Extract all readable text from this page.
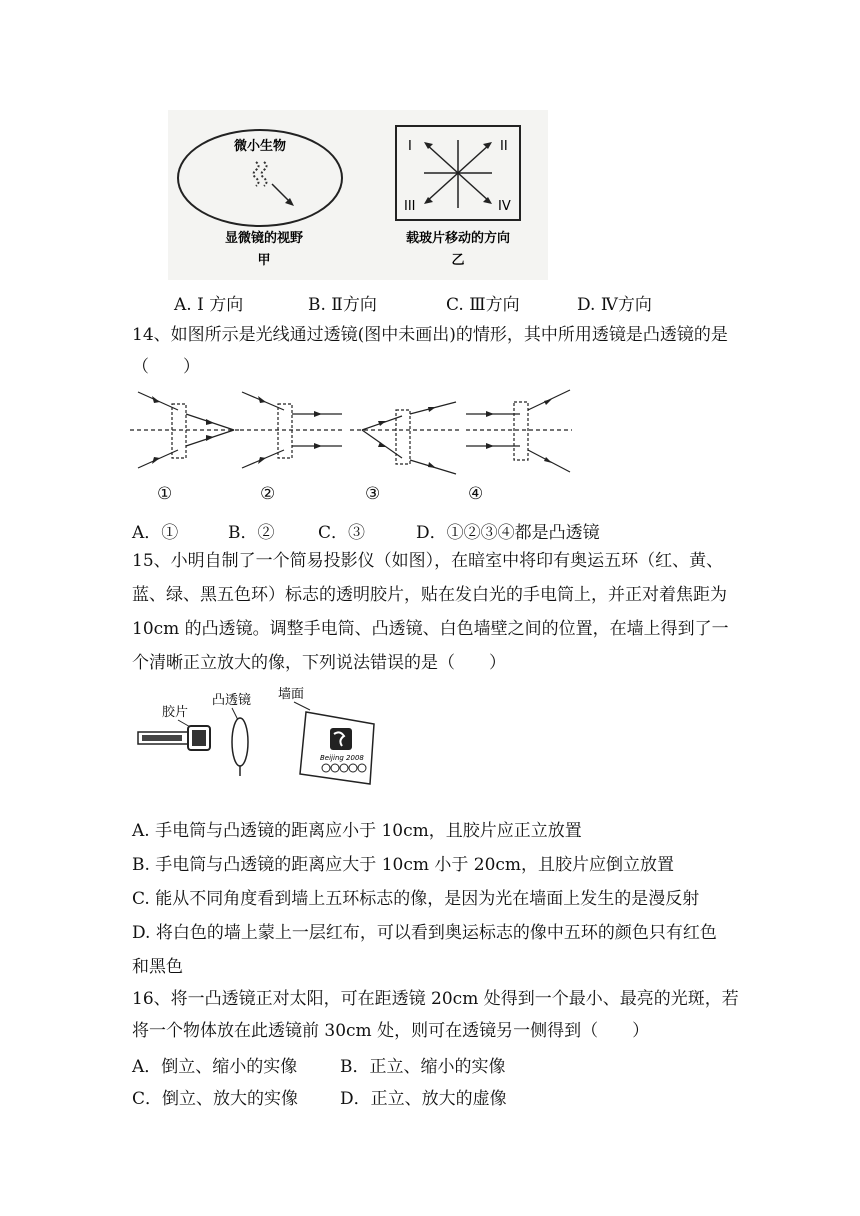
微小生物
显微镜的视野
甲
I	II
III	IV
载玻片移动的方向
乙
A. I 方向	B. Ⅱ方向	C. Ⅲ方向	D. Ⅳ方向
14、如图所示是光线通过透镜(图中未画出)的情形，其中所用透镜是凸透镜的是
（　　）
①	②	③	④
A．①	B．②	C．③	D．①②③④都是凸透镜
15、小明自制了一个简易投影仪（如图），在暗室中将印有奥运五环（红、黄、
蓝、绿、黑五色环）标志的透明胶片，贴在发白光的手电筒上，并正对着焦距为
10cm 的凸透镜。调整手电筒、凸透镜、白色墙壁之间的位置，在墙上得到了一
个清晰正立放大的像，下列说法错误的是（　　）
胶片
凸透镜 墙面
Beijing 2008
A. 手电筒与凸透镜的距离应小于 10cm，且胶片应正立放置
B. 手电筒与凸透镜的距离应大于 10cm 小于 20cm，且胶片应倒立放置
C. 能从不同角度看到墙上五环标志的像，是因为光在墙面上发生的是漫反射
D. 将白色的墙上蒙上一层红布，可以看到奥运标志的像中五环的颜色只有红色
和黑色
16、将一凸透镜正对太阳，可在距透镜 20cm 处得到一个最小、最亮的光斑，若
将一个物体放在此透镜前 30cm 处，则可在透镜另一侧得到（　　）
A．倒立、缩小的实像	B．正立、缩小的实像
C．倒立、放大的实像 D．正立、放大的虚像
